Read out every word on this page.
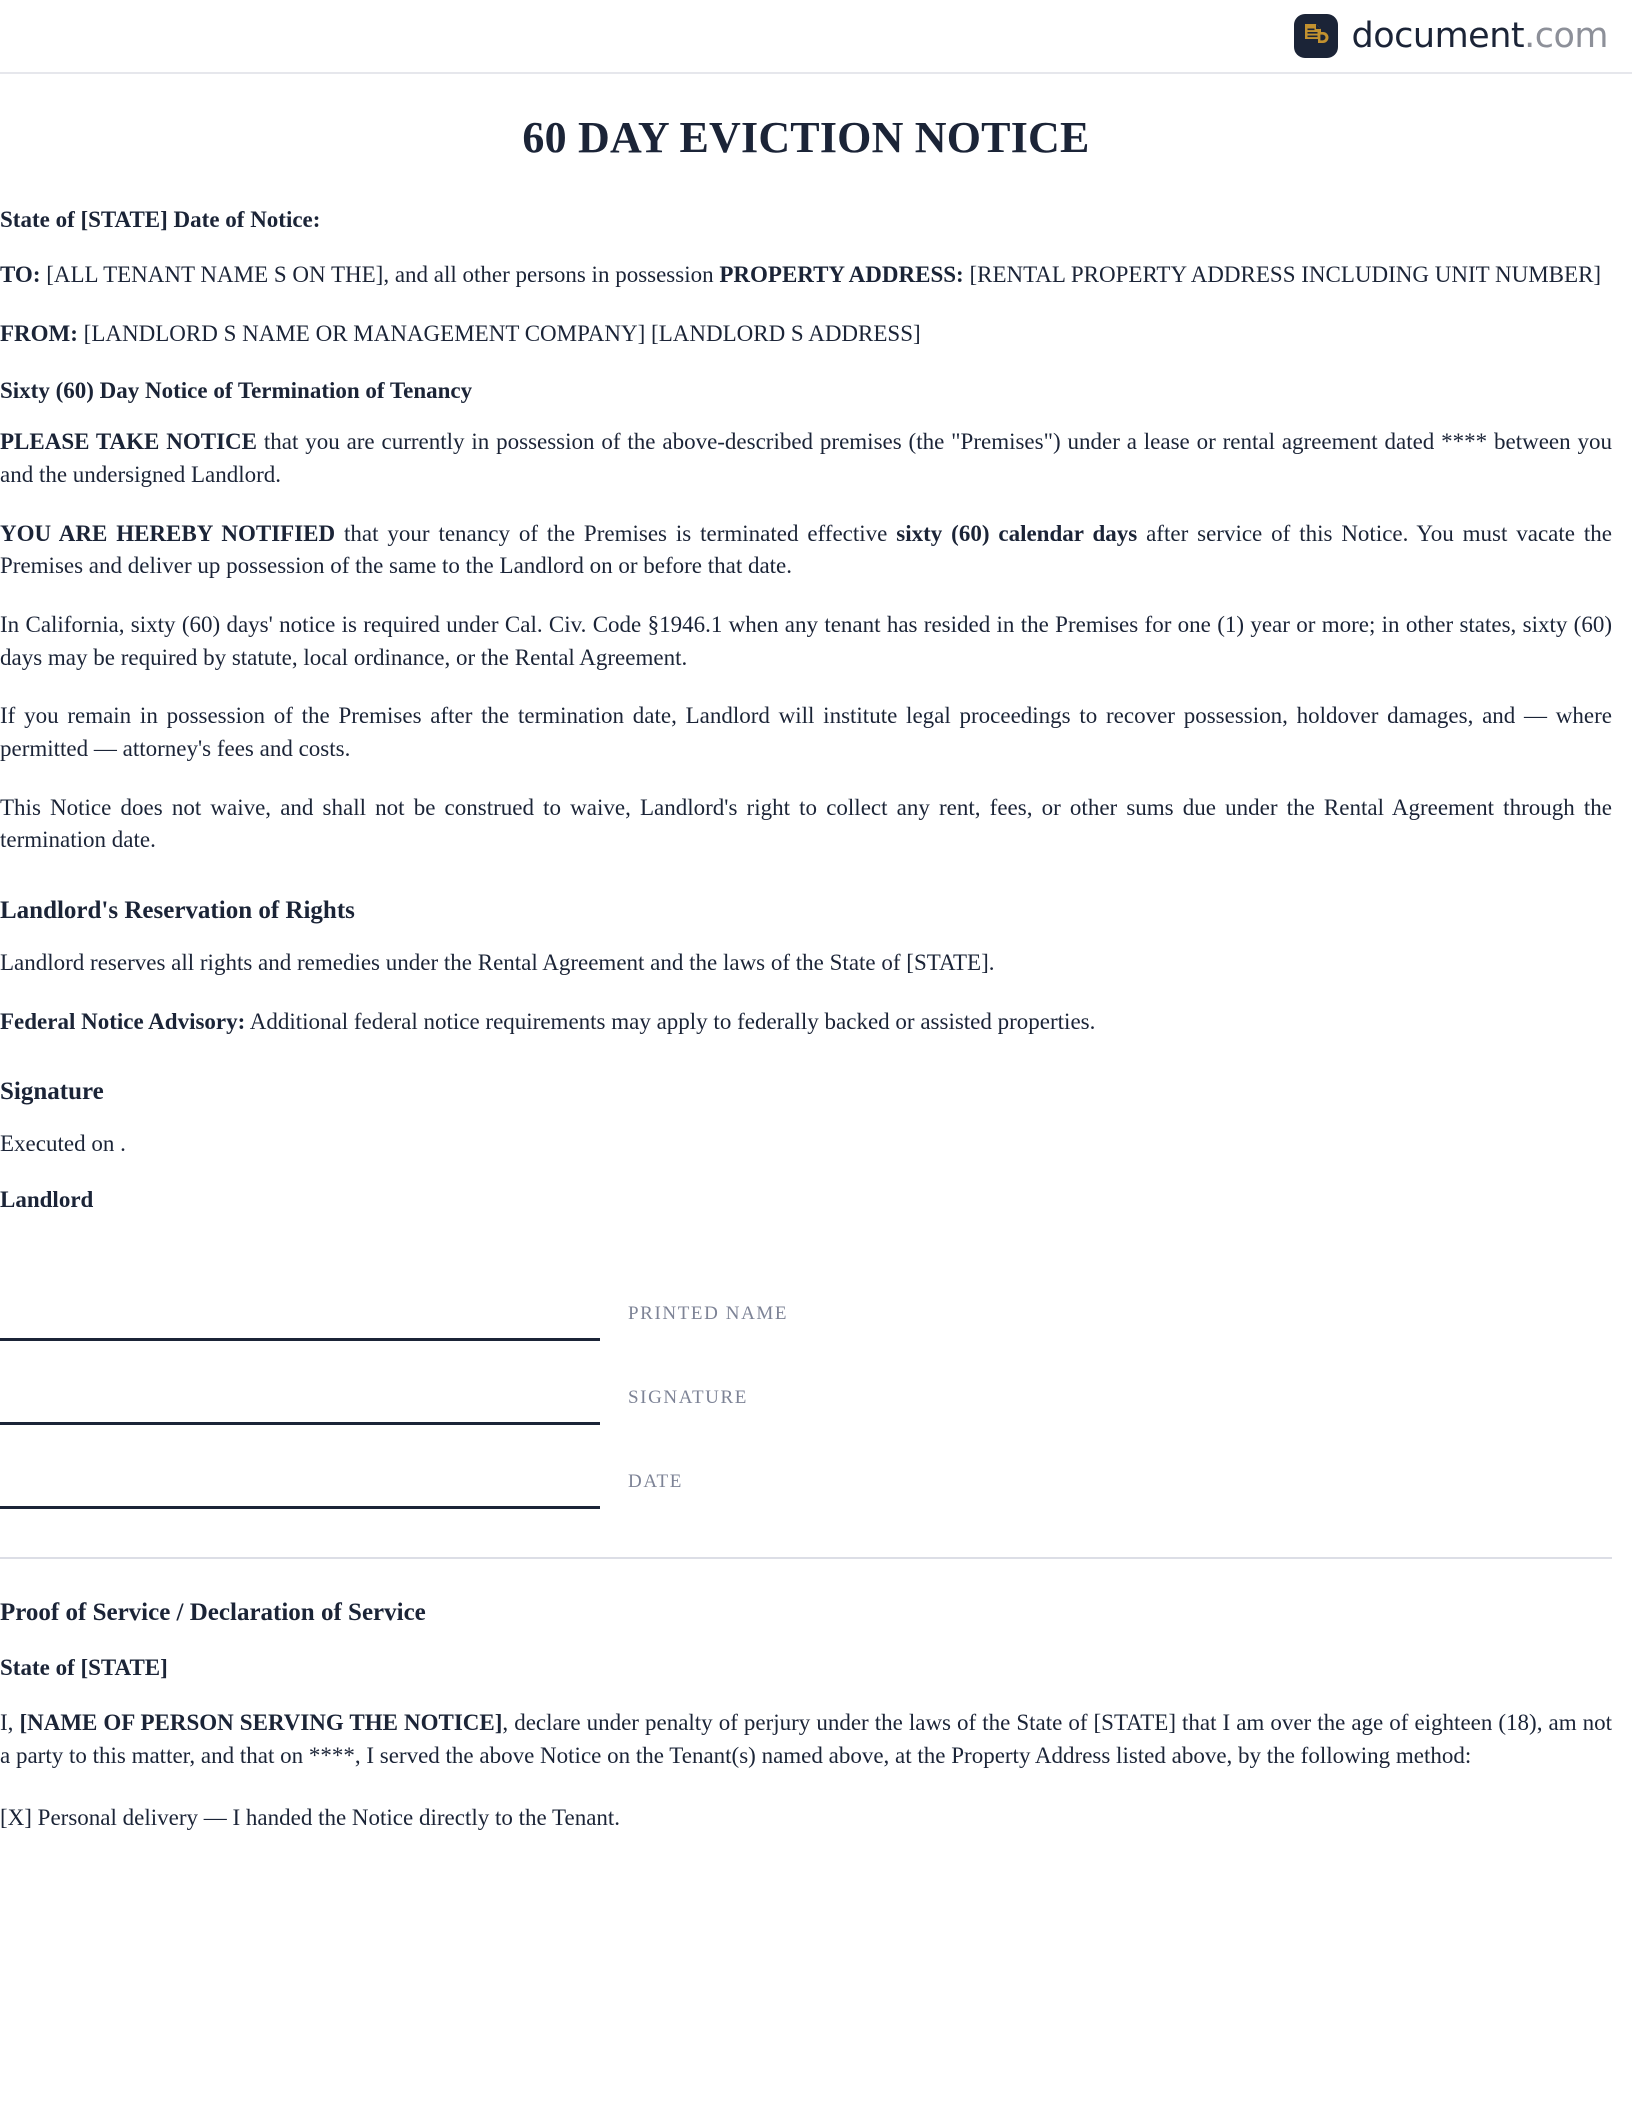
document.com
60 DAY EVICTION NOTICE
State of [STATE] Date of Notice:

TO: [ALL TENANT NAME S ON THE], and all other persons in possession PROPERTY ADDRESS: [RENTAL PROPERTY ADDRESS INCLUDING UNIT NUMBER]

FROM: [LANDLORD S NAME OR MANAGEMENT COMPANY] [LANDLORD S ADDRESS]

Sixty (60) Day Notice of Termination of Tenancy

PLEASE TAKE NOTICE that you are currently in possession of the above-described premises (the "Premises") under a lease or rental agreement dated **** between you and the undersigned Landlord.

YOU ARE HEREBY NOTIFIED that your tenancy of the Premises is terminated effective sixty (60) calendar days after service of this Notice. You must vacate the Premises and deliver up possession of the same to the Landlord on or before that date.

In California, sixty (60) days' notice is required under Cal. Civ. Code §1946.1 when any tenant has resided in the Premises for one (1) year or more; in other states, sixty (60) days may be required by statute, local ordinance, or the Rental Agreement.

If you remain in possession of the Premises after the termination date, Landlord will institute legal proceedings to recover possession, holdover damages, and — where permitted — attorney's fees and costs.

This Notice does not waive, and shall not be construed to waive, Landlord's right to collect any rent, fees, or other sums due under the Rental Agreement through the termination date.

Landlord's Reservation of Rights

Landlord reserves all rights and remedies under the Rental Agreement and the laws of the State of [STATE].

Federal Notice Advisory: Additional federal notice requirements may apply to federally backed or assisted properties.

Signature

Executed on .

Landlord
PRINTED NAME
SIGNATURE
DATE
Proof of Service / Declaration of Service
State of [STATE]

I, [NAME OF PERSON SERVING THE NOTICE], declare under penalty of perjury under the laws of the State of [STATE] that I am over the age of eighteen (18), am not a party to this matter, and that on ****, I served the above Notice on the Tenant(s) named above, at the Property Address listed above, by the following method:

[X] Personal delivery — I handed the Notice directly to the Tenant.
